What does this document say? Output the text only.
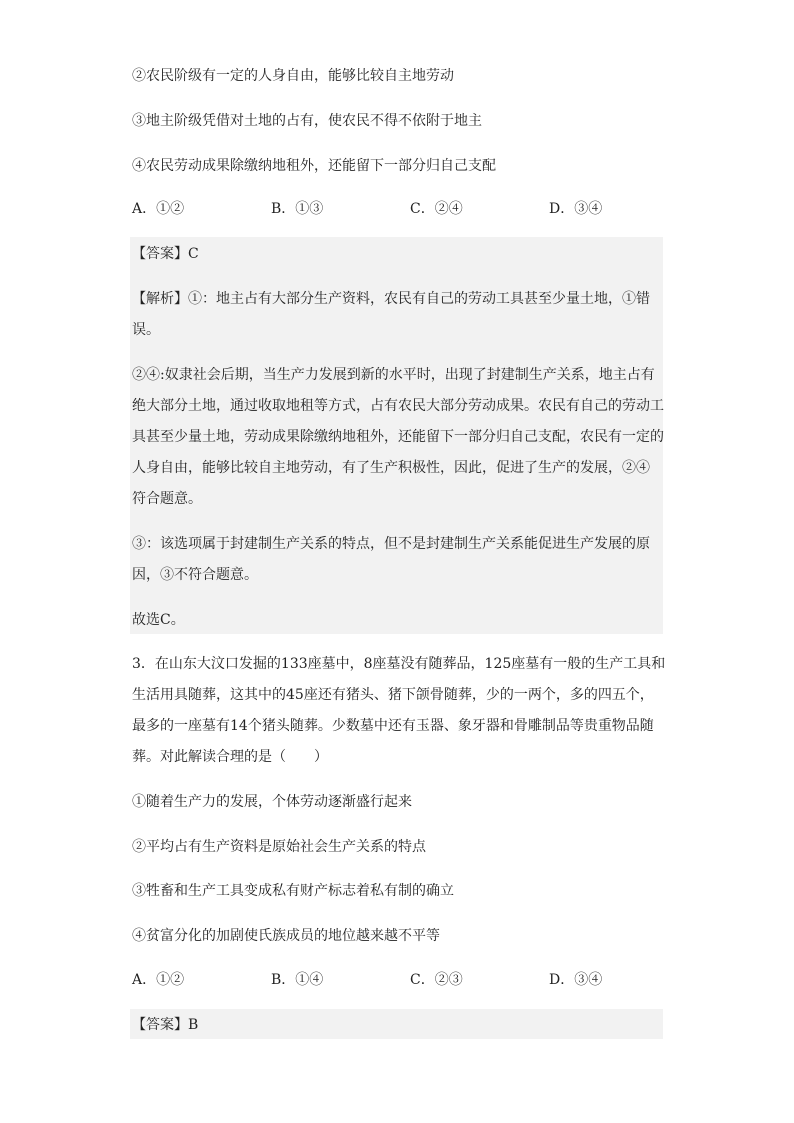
②农民阶级有一定的人身自由，能够比较自主地劳动
③地主阶级凭借对土地的占有，使农民不得不依附于地主
④农民劳动成果除缴纳地租外，还能留下一部分归自己支配
A．①②	B．①③	C．②④	D．③④
【答案】C
【解析】①：地主占有大部分生产资料，农民有自己的劳动工具甚至少量土地，①错
误。
②④:奴隶社会后期，当生产力发展到新的水平时，出现了封建制生产关系，地主占有
绝大部分土地，通过收取地租等方式，占有农民大部分劳动成果。农民有自己的劳动工
具甚至少量土地，劳动成果除缴纳地租外，还能留下一部分归自己支配，农民有一定的
人身自由，能够比较自主地劳动，有了生产积极性，因此，促进了生产的发展，②④
符合题意。
③：该选项属于封建制生产关系的特点，但不是封建制生产关系能促进生产发展的原
因，③不符合题意。
故选C。
3．在山东大汶口发掘的133座墓中，8座墓没有随葬品，125座墓有一般的生产工具和
生活用具随葬，这其中的45座还有猪头、猪下颌骨随葬，少的一两个，多的四五个，
最多的一座墓有14个猪头随葬。少数墓中还有玉器、象牙器和骨雕制品等贵重物品随
葬。对此解读合理的是（　　）
①随着生产力的发展，个体劳动逐渐盛行起来
②平均占有生产资料是原始社会生产关系的特点
③牲畜和生产工具变成私有财产标志着私有制的确立
④贫富分化的加剧使氏族成员的地位越来越不平等
A．①②	B．①④	C．②③	D．③④
【答案】B
